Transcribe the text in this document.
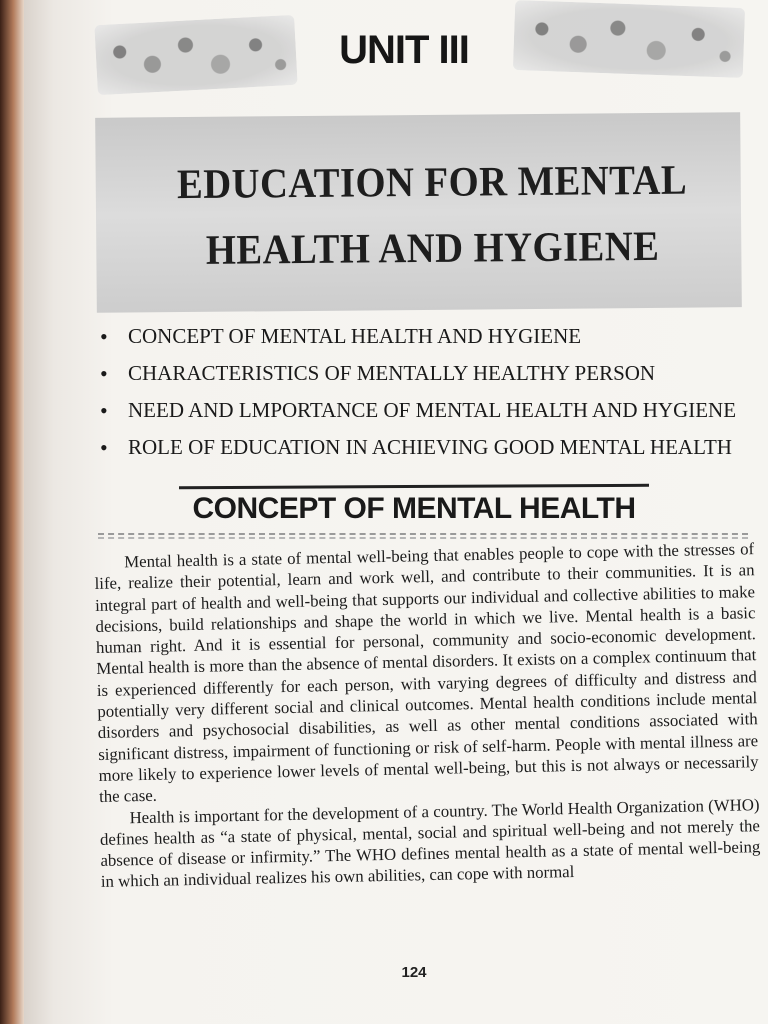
UNIT III
EDUCATION FOR MENTAL HEALTH AND HYGIENE
• CONCEPT OF MENTAL HEALTH AND HYGIENE
• CHARACTERISTICS OF MENTALLY HEALTHY PERSON
• NEED AND LMPORTANCE OF MENTAL HEALTH AND HYGIENE
• ROLE OF EDUCATION IN ACHIEVING GOOD MENTAL HEALTH
CONCEPT OF MENTAL HEALTH

Mental health is a state of mental well-being that enables people to cope with the stresses of life, realize their potential, learn and work well, and contribute to their communities. It is an integral part of health and well-being that supports our individual and collective abilities to make decisions, build relationships and shape the world in which we live. Mental health is a basic human right. And it is essential for personal, community and socio-economic development. Mental health is more than the absence of mental disorders. It exists on a complex continuum that is experienced differently for each person, with varying degrees of difficulty and distress and potentially very different social and clinical outcomes. Mental health conditions include mental disorders and psychosocial disabilities, as well as other mental conditions associated with significant distress, impairment of functioning or risk of self-harm. People with mental illness are more likely to experience lower levels of mental well-being, but this is not always or necessarily the case.

Health is important for the development of a country. The World Health Organization (WHO) defines health as “a state of physical, mental, social and spiritual well-being and not merely the absence of disease or infirmity.” The WHO defines mental health as a state of mental well-being in which an individual realizes his own abilities, can cope with normal

124
